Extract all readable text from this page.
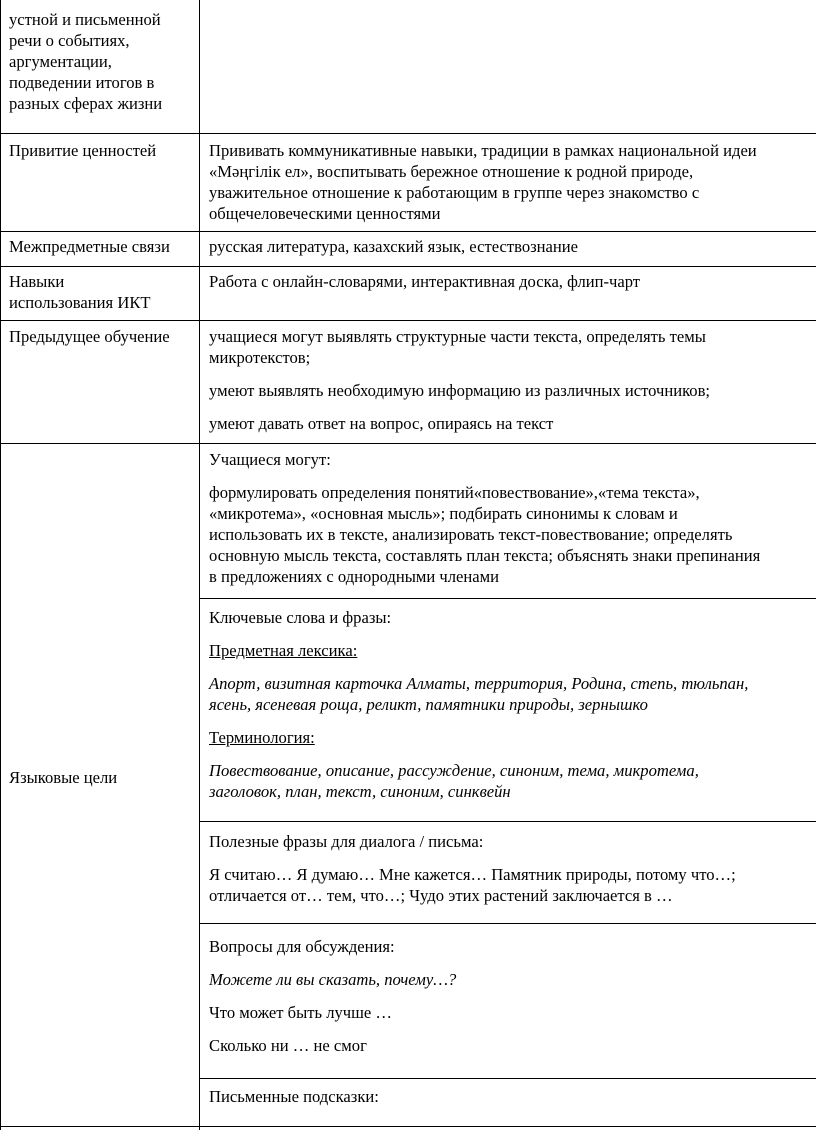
устной и письменной

речи о событиях,

аргументации,

подведении итогов в

разных сферах жизни

Привитие ценностей	Прививать коммуникативные навыки, традиции в рамках национальной идеи

«Мәңгілік ел», воспитывать бережное отношение к родной природе,

уважительное отношение к работающим в группе через знакомство с

общечеловеческими ценностями

Межпредметные связи русская литература, казахский язык, естествознание

Навыки

использования ИКТ

Работа с онлайн-словарями, интерактивная доска, флип-чарт

Предыдущее обучение учащиеся могут выявлять структурные части текста, определять темы

микротекстов;

умеют выявлять необходимую информацию из различных источников;

умеют давать ответ на вопрос, опираясь на текст

Языковые цели

Учащиеся могут:

формулировать определения понятий«повествование»,«тема текста»,

«микротема», «основная мысль»; подбирать синонимы к словам и

использовать их в тексте, анализировать текст-повествование; определять

основную мысль текста, составлять план текста; объяснять знаки препинания

в предложениях с однородными членами

Ключевые слова и фразы:

Предметная лексика:

Апорт, визитная карточка Алматы, территория, Родина, степь, тюльпан,

ясень, ясеневая роща, реликт, памятники природы, зернышко

Терминология:

Повествование, описание, рассуждение, синоним, тема, микротема,

заголовок, план, текст, синоним, синквейн

Полезные фразы для диалога / письма:

Я считаю… Я думаю… Мне кажется… Памятник природы, потому что…;

отличается от… тем, что…; Чудо этих растений заключается в …

Вопросы для обсуждения:

Можете ли вы сказать, почему…?

Что может быть лучше …

Сколько ни … не смог

Письменные подсказки:
